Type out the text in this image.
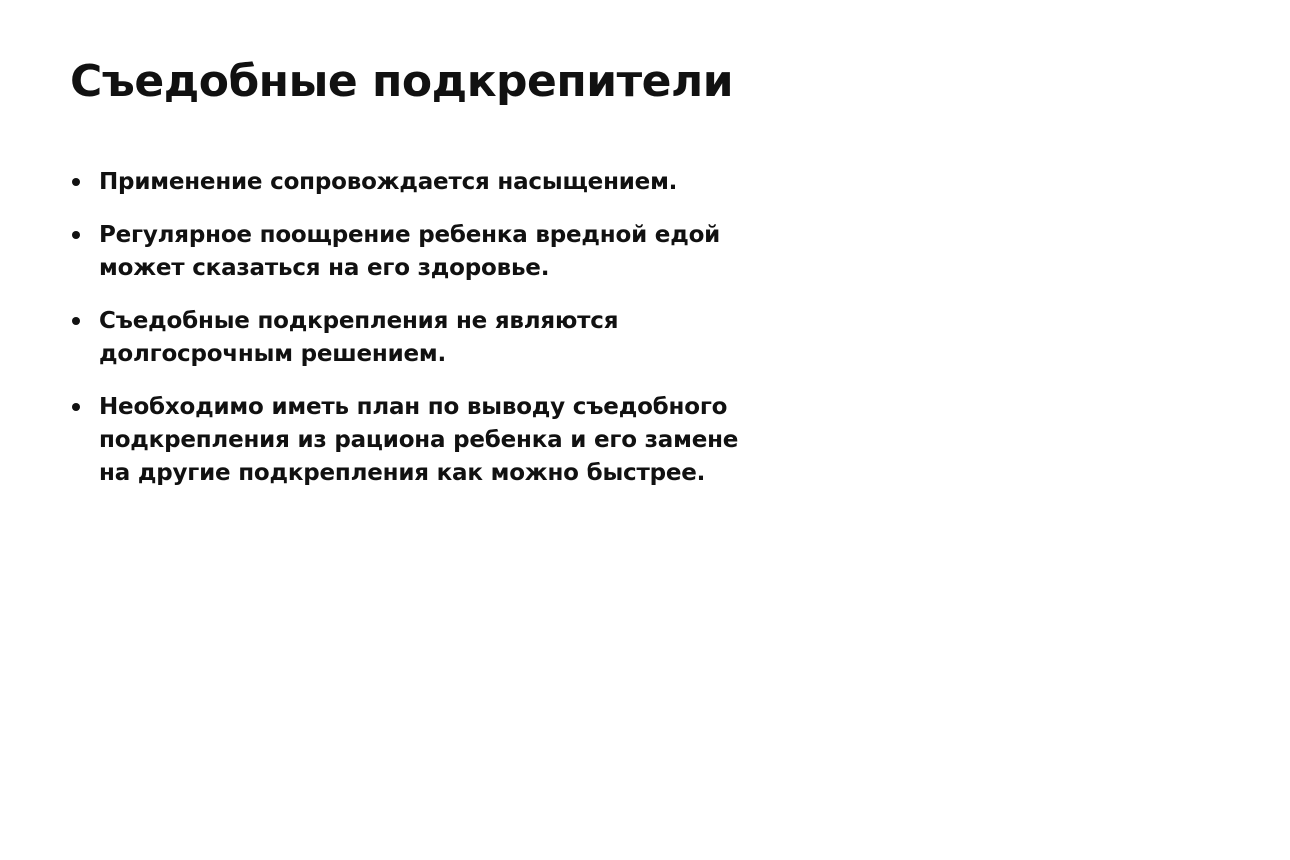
Съедобные подкрепители
Применение сопровождается насыщением.
Регулярное поощрение ребенка вредной едой
может сказаться на его здоровье.
Съедобные подкрепления не являются
долгосрочным решением.
Необходимо иметь план по выводу съедобного
подкрепления из рациона ребенка и его замене
на другие подкрепления как можно быстрее.
